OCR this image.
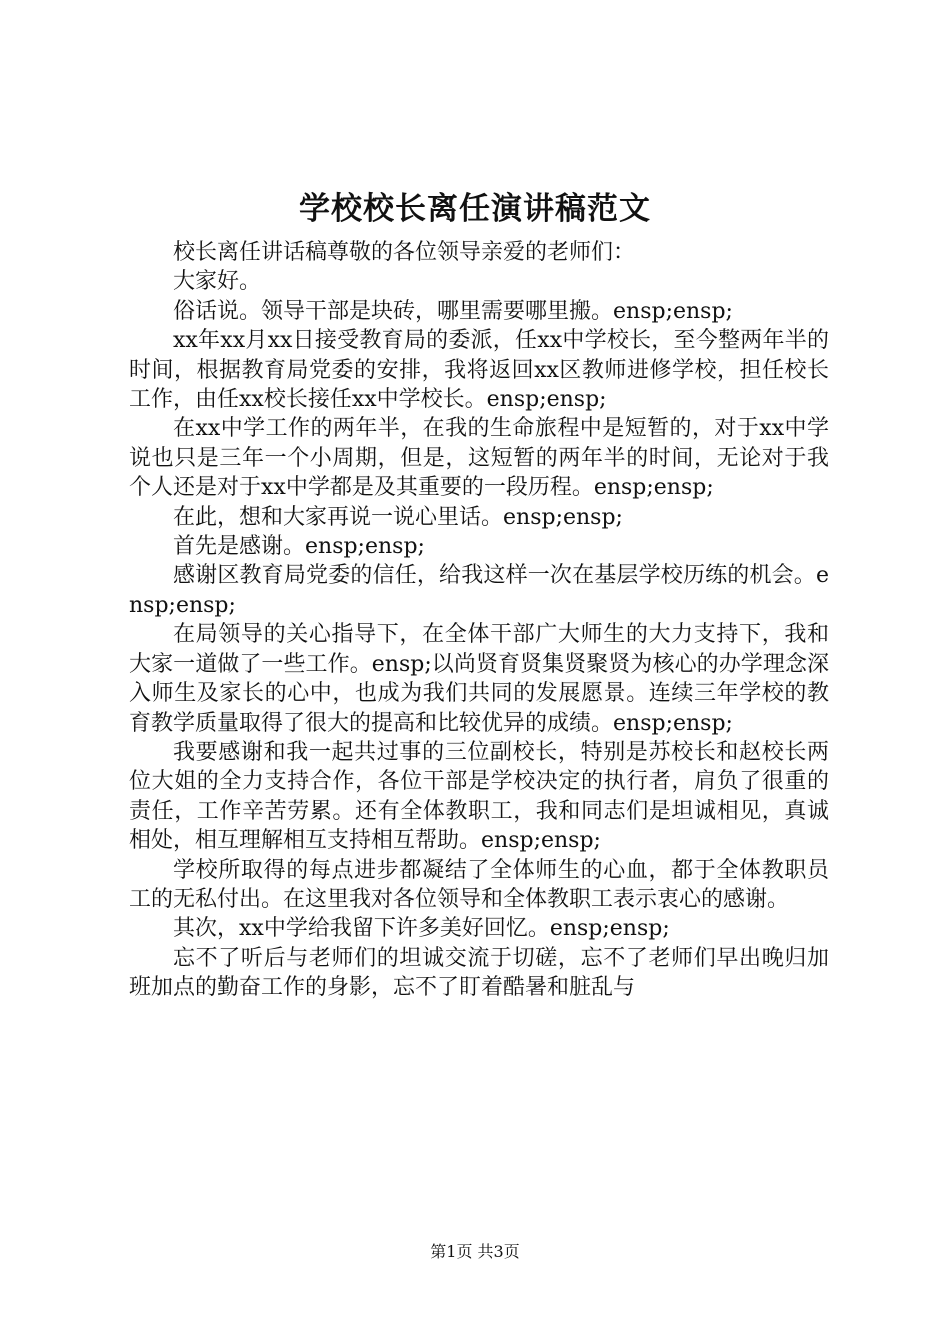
学校校长离任演讲稿范文

校长离任讲话稿尊敬的各位领导亲爱的老师们：

大家好。

俗话说。领导干部是块砖，哪里需要哪里搬。ensp;ensp;

xx年xx月xx日接受教育局的委派，任xx中学校长，至今整两年半的时间，根据教育局党委的安排，我将返回xx区教师进修学校，担任校长工作，由任xx校长接任xx中学校长。ensp;ensp;

在xx中学工作的两年半，在我的生命旅程中是短暂的，对于xx中学说也只是三年一个小周期，但是，这短暂的两年半的时间，无论对于我个人还是对于xx中学都是及其重要的一段历程。ensp;ensp;

在此，想和大家再说一说心里话。ensp;ensp;

首先是感谢。ensp;ensp;

感谢区教育局党委的信任，给我这样一次在基层学校历练的机会。ensp;ensp;

在局领导的关心指导下，在全体干部广大师生的大力支持下，我和大家一道做了一些工作。ensp;以尚贤育贤集贤聚贤为核心的办学理念深入师生及家长的心中，也成为我们共同的发展愿景。连续三年学校的教育教学质量取得了很大的提高和比较优异的成绩。ensp;ensp;

我要感谢和我一起共过事的三位副校长，特别是苏校长和赵校长两位大姐的全力支持合作，各位干部是学校决定的执行者，肩负了很重的责任，工作辛苦劳累。还有全体教职工，我和同志们是坦诚相见，真诚相处，相互理解相互支持相互帮助。ensp;ensp;

学校所取得的每点进步都凝结了全体师生的心血，都于全体教职员工的无私付出。在这里我对各位领导和全体教职工表示衷心的感谢。

其次，xx中学给我留下许多美好回忆。ensp;ensp;

忘不了听后与老师们的坦诚交流于切磋，忘不了老师们早出晚归加班加点的勤奋工作的身影，忘不了盯着酷暑和脏乱与

第1页 共3页
